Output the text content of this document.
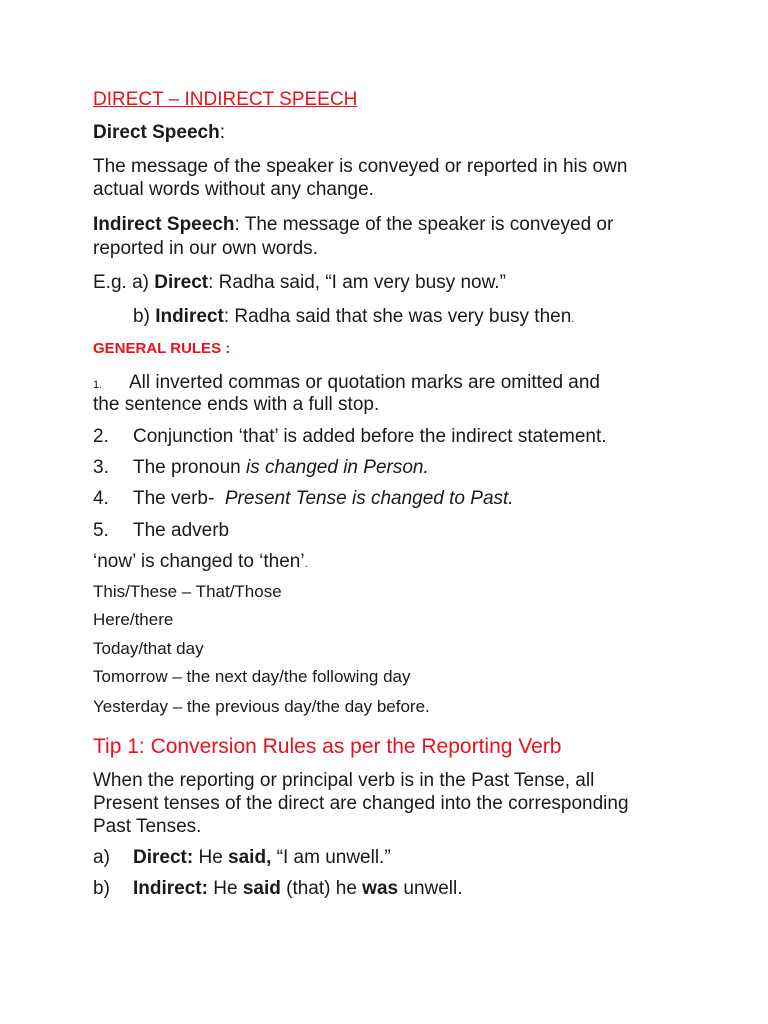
DIRECT – INDIRECT SPEECH
Direct Speech:
The message of the speaker is conveyed or reported in his own
actual words without any change.
Indirect Speech: The message of the speaker is conveyed or
reported in our own words.
E.g. a) Direct: Radha said, “I am very busy now.”
b) Indirect: Radha said that she was very busy then.
GENERAL RULES :
1. All inverted commas or quotation marks are omitted and
the sentence ends with a full stop.
2. Conjunction ‘that’ is added before the indirect statement.
3. The pronoun is changed in Person.
4. The verb-  Present Tense is changed to Past.
5. The adverb
‘now’ is changed to ‘then’.
This/These – That/Those
Here/there
Today/that day
Tomorrow – the next day/the following day
Yesterday – the previous day/the day before.
Tip 1: Conversion Rules as per the Reporting Verb
When the reporting or principal verb is in the Past Tense, all
Present tenses of the direct are changed into the corresponding
Past Tenses.
a) Direct: He said, “I am unwell.”
b) Indirect: He said (that) he was unwell.
